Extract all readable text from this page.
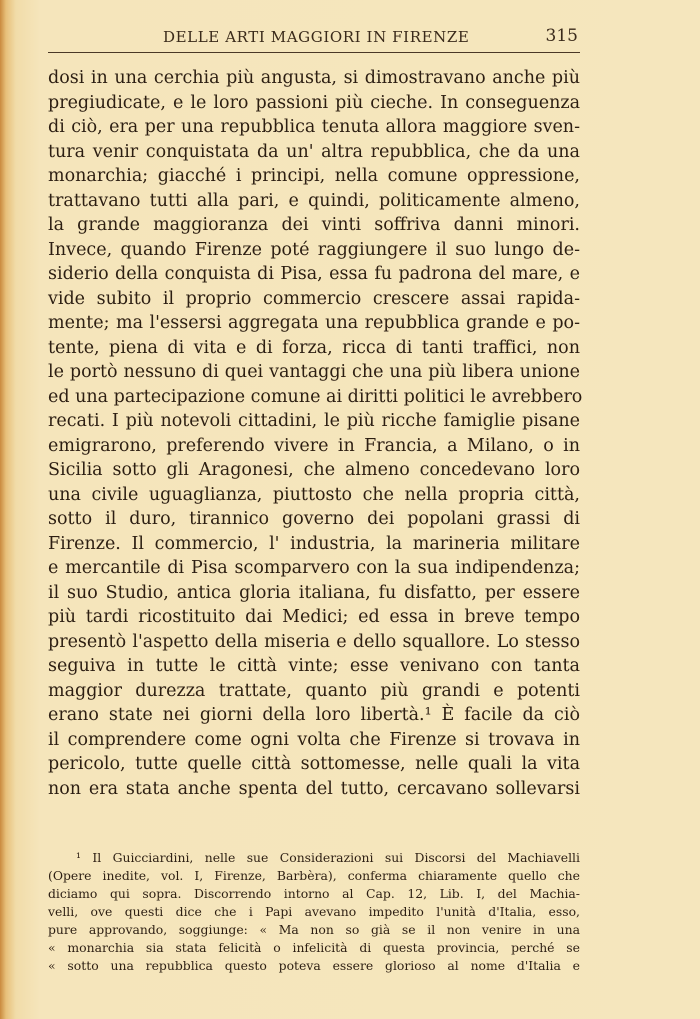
DELLE ARTI MAGGIORI IN FIRENZE	315
dosi in una cerchia più angusta, si dimostravano anche più
pregiudicate, e le loro passioni più cieche. In conseguenza
di ciò, era per una repubblica tenuta allora maggiore sven-
tura venir conquistata da un' altra repubblica, che da una
monarchia; giacché i principi, nella comune oppressione,
trattavano tutti alla pari, e quindi, politicamente almeno,
la grande maggioranza dei vinti soffriva danni minori.
Invece, quando Firenze poté raggiungere il suo lungo de-
siderio della conquista di Pisa, essa fu padrona del mare, e
vide subito il proprio commercio crescere assai rapida-
mente; ma l'essersi aggregata una repubblica grande e po-
tente, piena di vita e di forza, ricca di tanti traffici, non
le portò nessuno di quei vantaggi che una più libera unione
ed una partecipazione comune ai diritti politici le avrebbero
recati. I più notevoli cittadini, le più ricche famiglie pisane
emigrarono, preferendo vivere in Francia, a Milano, o in
Sicilia sotto gli Aragonesi, che almeno concedevano loro
una civile uguaglianza, piuttosto che nella propria città,
sotto il duro, tirannico governo dei popolani grassi di
Firenze. Il commercio, l' industria, la marineria militare
e mercantile di Pisa scomparvero con la sua indipendenza;
il suo Studio, antica gloria italiana, fu disfatto, per essere
più tardi ricostituito dai Medici; ed essa in breve tempo
presentò l'aspetto della miseria e dello squallore. Lo stesso
seguiva in tutte le città vinte; esse venivano con tanta
maggior durezza trattate, quanto più grandi e potenti
erano state nei giorni della loro libertà.¹ È facile da ciò
il comprendere come ogni volta che Firenze si trovava in
pericolo, tutte quelle città sottomesse, nelle quali la vita
non era stata anche spenta del tutto, cercavano sollevarsi
¹ Il Guicciardini, nelle sue Considerazioni sui Discorsi del Machiavelli
(Opere inedite, vol. I, Firenze, Barbèra), conferma chiaramente quello che
diciamo qui sopra. Discorrendo intorno al Cap. 12, Lib. I, del Machia-
velli, ove questi dice che i Papi avevano impedito l'unità d'Italia, esso,
pure approvando, soggiunge: « Ma non so già se il non venire in una
« monarchia sia stata felicità o infelicità di questa provincia, perché se
« sotto una repubblica questo poteva essere glorioso al nome d'Italia e
